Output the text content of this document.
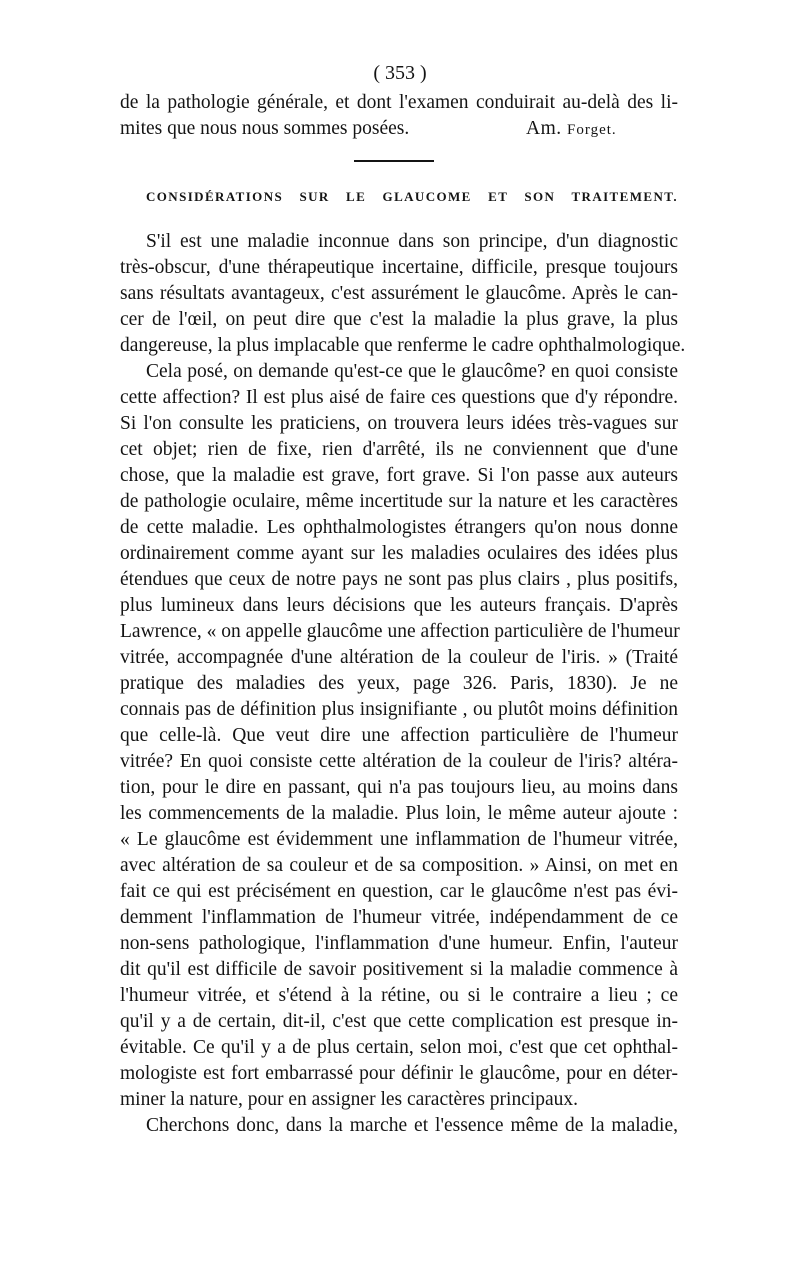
( 353 )
de la pathologie générale, et dont l'examen conduirait au-delà des li-
mites que nous nous sommes posées.	Am. Forget.
CONSIDÉRATIONS SUR LE GLAUCOME ET SON TRAITEMENT.
S'il est une maladie inconnue dans son principe, d'un diagnostic
très-obscur, d'une thérapeutique incertaine, difficile, presque toujours
sans résultats avantageux, c'est assurément le glaucôme. Après le can-
cer de l'œil, on peut dire que c'est la maladie la plus grave, la plus
dangereuse, la plus implacable que renferme le cadre ophthalmologique.
Cela posé, on demande qu'est-ce que le glaucôme? en quoi consiste
cette affection? Il est plus aisé de faire ces questions que d'y répondre.
Si l'on consulte les praticiens, on trouvera leurs idées très-vagues sur
cet objet; rien de fixe, rien d'arrêté, ils ne conviennent que d'une
chose, que la maladie est grave, fort grave. Si l'on passe aux auteurs
de pathologie oculaire, même incertitude sur la nature et les caractères
de cette maladie. Les ophthalmologistes étrangers qu'on nous donne
ordinairement comme ayant sur les maladies oculaires des idées plus
étendues que ceux de notre pays ne sont pas plus clairs , plus positifs,
plus lumineux dans leurs décisions que les auteurs français. D'après
Lawrence, « on appelle glaucôme une affection particulière de l'humeur
vitrée, accompagnée d'une altération de la couleur de l'iris. » (Traité
pratique des maladies des yeux, page 326. Paris, 1830). Je ne
connais pas de définition plus insignifiante , ou plutôt moins définition
que celle-là. Que veut dire une affection particulière de l'humeur
vitrée? En quoi consiste cette altération de la couleur de l'iris? altéra-
tion, pour le dire en passant, qui n'a pas toujours lieu, au moins dans
les commencements de la maladie. Plus loin, le même auteur ajoute :
« Le glaucôme est évidemment une inflammation de l'humeur vitrée,
avec altération de sa couleur et de sa composition. » Ainsi, on met en
fait ce qui est précisément en question, car le glaucôme n'est pas évi-
demment l'inflammation de l'humeur vitrée, indépendamment de ce
non-sens pathologique, l'inflammation d'une humeur. Enfin, l'auteur
dit qu'il est difficile de savoir positivement si la maladie commence à
l'humeur vitrée, et s'étend à la rétine, ou si le contraire a lieu ; ce
qu'il y a de certain, dit-il, c'est que cette complication est presque in-
évitable. Ce qu'il y a de plus certain, selon moi, c'est que cet ophthal-
mologiste est fort embarrassé pour définir le glaucôme, pour en déter-
miner la nature, pour en assigner les caractères principaux.
Cherchons donc, dans la marche et l'essence même de la maladie,
